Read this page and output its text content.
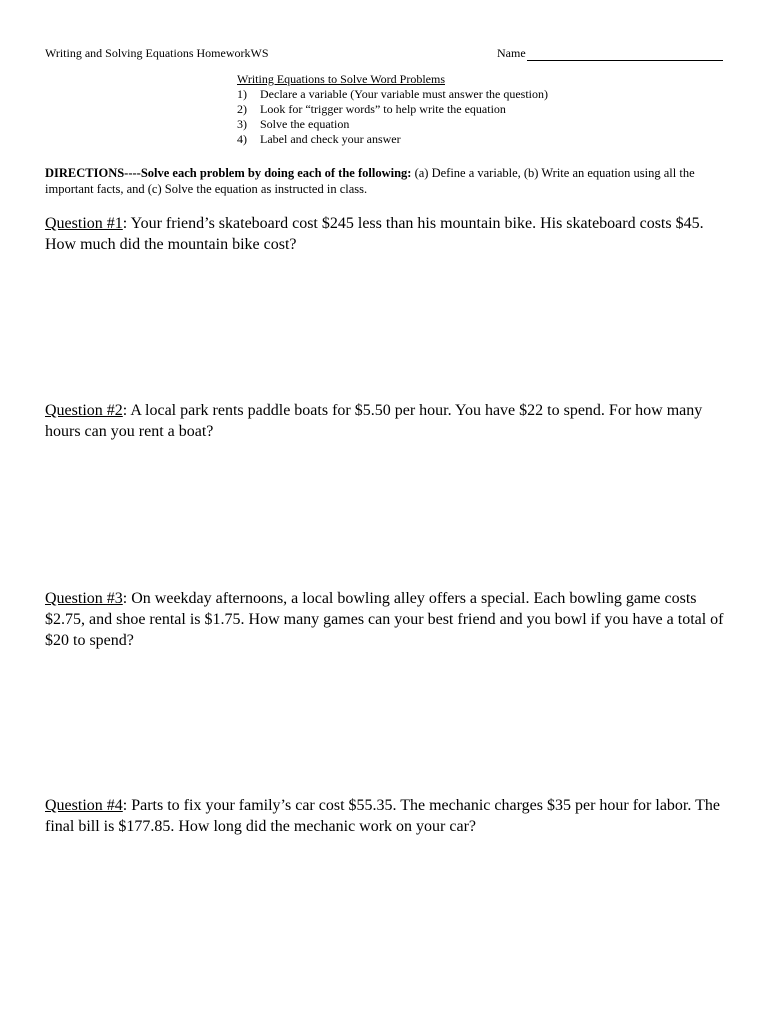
Writing and Solving Equations HomeworkWS	Name
Writing Equations to Solve Word Problems
1)	Declare a variable (Your variable must answer the question)
2)	Look for “trigger words” to help write the equation
3)	Solve the equation
4)	Label and check your answer
DIRECTIONS----Solve each problem by doing each of the following: (a) Define a variable, (b) Write an equation using all the important facts, and (c) Solve the equation as instructed in class.
Question #1: Your friend’s skateboard cost $245 less than his mountain bike. His skateboard costs $45. How much did the mountain bike cost?
Question #2: A local park rents paddle boats for $5.50 per hour. You have $22 to spend. For how many hours can you rent a boat?
Question #3: On weekday afternoons, a local bowling alley offers a special. Each bowling game costs $2.75, and shoe rental is $1.75. How many games can your best friend and you bowl if you have a total of $20 to spend?
Question #4: Parts to fix your family’s car cost $55.35. The mechanic charges $35 per hour for labor. The final bill is $177.85. How long did the mechanic work on your car?
